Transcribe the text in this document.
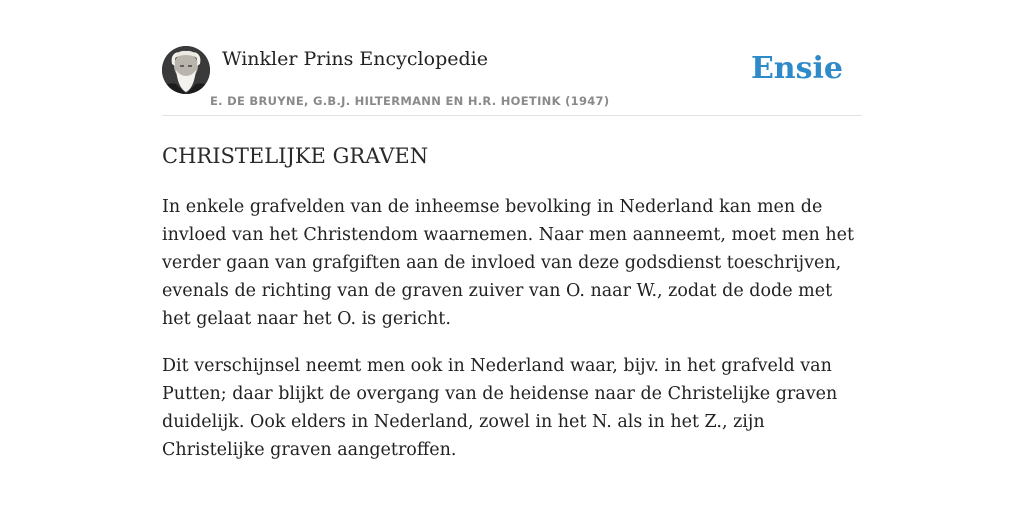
Winkler Prins Encyclopedie
E. DE BRUYNE, G.B.J. HILTERMANN EN H.R. HOETINK (1947)
Ensie
CHRISTELIJKE GRAVEN

In enkele grafvelden van de inheemse bevolking in Nederland kan men de invloed van het Christendom waarnemen. Naar men aanneemt, moet men het verder gaan van grafgiften aan de invloed van deze godsdienst toeschrijven, evenals de richting van de graven zuiver van O. naar W., zodat de dode met het gelaat naar het O. is gericht.

Dit verschijnsel neemt men ook in Nederland waar, bijv. in het grafveld van Putten; daar blijkt de overgang van de heidense naar de Christelijke graven duidelijk. Ook elders in Nederland, zowel in het N. als in het Z., zijn Christelijke graven aangetroffen.
